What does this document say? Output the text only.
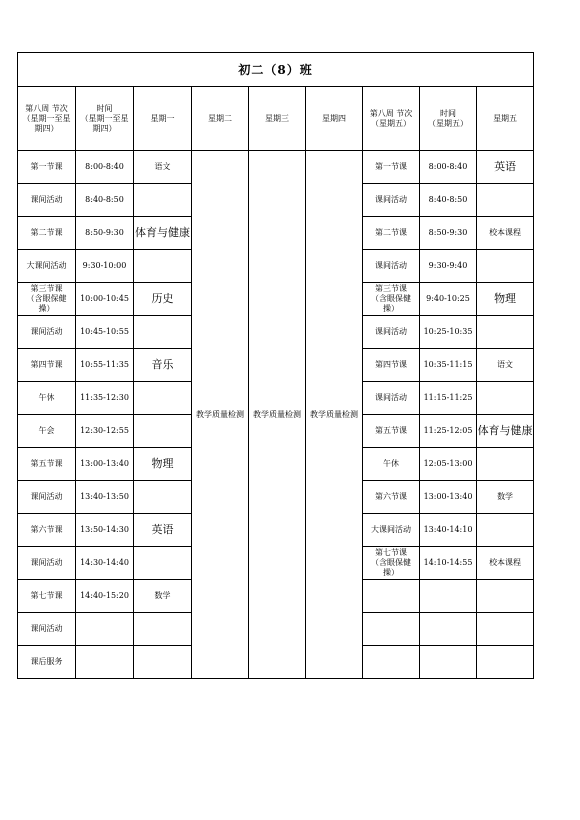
初二（8）班								
第八周 节次
（星期一至星
期四）	时间
（星期一至星
期四）	星期一	星期二	星期三	星期四	第八周 节次
（星期五）	时间
（星期五）	星期五
第一节课	8:00-8:40	语文	教学质量检测	教学质量检测	教学质量检测	第一节课	8:00-8:40	英语
课间活动	8:40-8:50					课间活动	8:40-8:50	
第二节课	8:50-9:30	体育与健康				第二节课	8:50-9:30	校本课程
大课间活动	9:30-10:00					课间活动	9:30-9:40	
第三节课
（含眼保健
操）	10:00-10:45	历史				第三节课
（含眼保健
操）	9:40-10:25	物理
课间活动	10:45-10:55					课间活动	10:25-10:35	
第四节课	10:55-11:35	音乐				第四节课	10:35-11:15	语文
午休	11:35-12:30					课间活动	11:15-11:25	
午会	12:30-12:55					第五节课	11:25-12:05	体育与健康
第五节课	13:00-13:40	物理				午休	12:05-13:00	
课间活动	13:40-13:50					第六节课	13:00-13:40	数学
第六节课	13:50-14:30	英语				大课间活动	13:40-14:10	
课间活动	14:30-14:40					第七节课
（含眼保健
操）	14:10-14:55	校本课程
第七节课	14:40-15:20	数学						
课间活动								
课后服务								
